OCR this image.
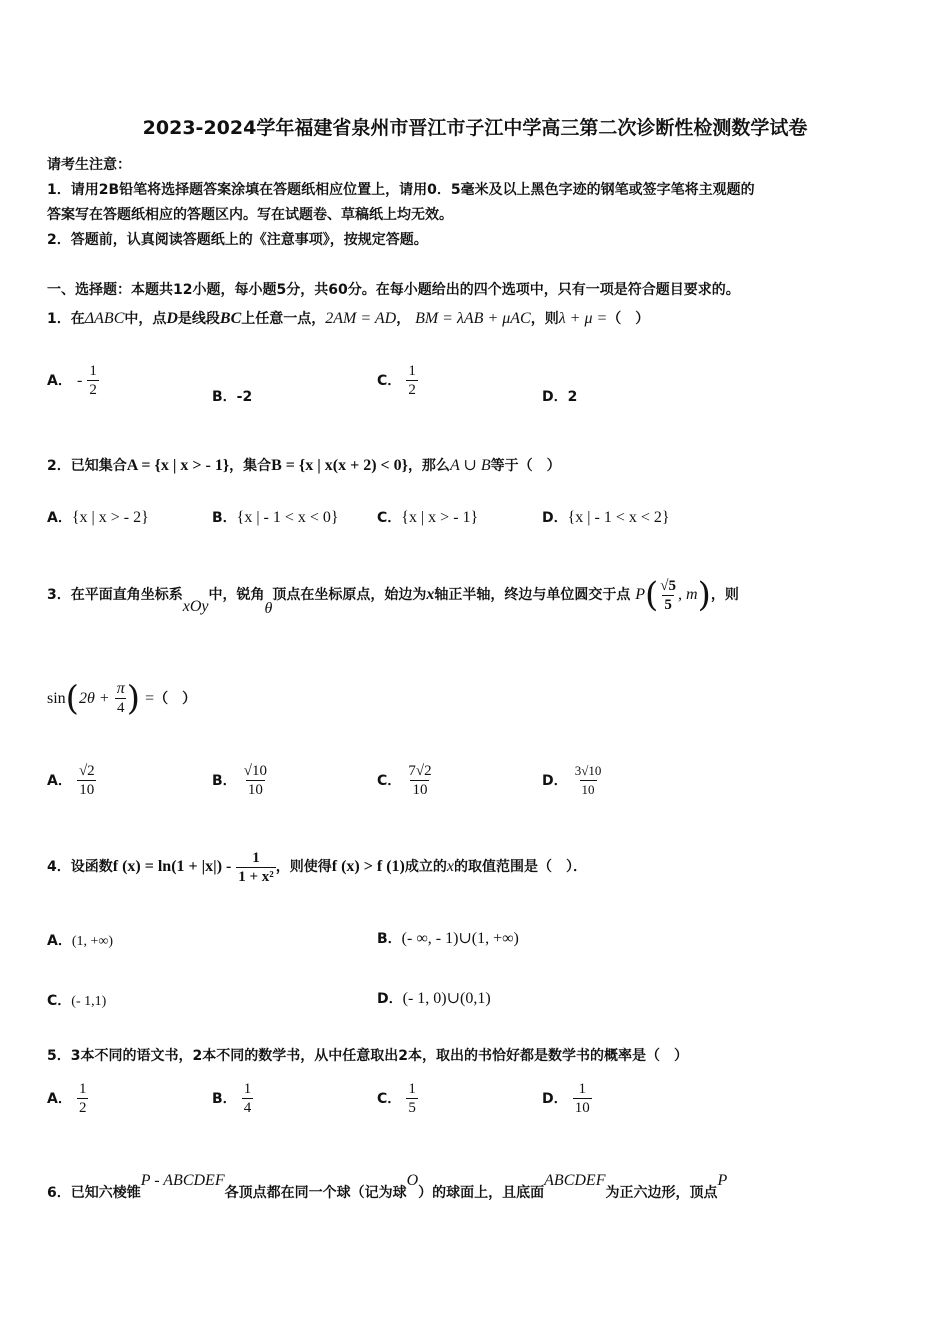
2023-2024学年福建省泉州市晋江市子江中学高三第二次诊断性检测数学试卷
请考生注意：
1．请用2B铅笔将选择题答案涂填在答题纸相应位置上，请用0．5毫米及以上黑色字迹的钢笔或签字笔将主观题的
答案写在答题纸相应的答题区内。写在试题卷、草稿纸上均无效。
2．答题前，认真阅读答题纸上的《注意事项》，按规定答题。
一、选择题：本题共12小题，每小题5分，共60分。在每小题给出的四个选项中，只有一项是符合题目要求的。
1．在ΔABC中，点D是线段BC上任意一点，2AM = AD， BM = λAB + μAC，则λ + μ =（　）
A． - $\frac{1}{2}$	B．-2
C． $\frac{1}{2}$	D．2
2．已知集合A = {x | x > - 1}，集合B = {x | x(x + 2) < 0}，那么A ∪ B等于（　）
A．{x | x > - 2}	B．{x | - 1 < x < 0}	C．{x | x > - 1}	D．{x | - 1 < x < 2}
3．在平面直角坐标系xOy中，锐角θ顶点在坐标原点，始边为x轴正半轴，终边与单位圆交于点 $P( \frac{√5}{5}$ , m)，则
$\sin(2\theta + \frac{\pi}{4}$ ) =（　）
A． $\frac{√2}{10}$	B． $\frac{√10}{10}$	C． $\frac{7√2}{10}$	D． $\frac{3√10}{10}$
4．设函数f $(x) = \ln(1 + |x|) - \frac{1}{\text{1 + x²}}$ ，则使得f (x) > f (1)成立的x的取值范围是（　）．
A．(1, +∞)	B．(- ∞, - 1)∪(1, +∞)
C．(- 1,1)	D．(- 1, 0)∪(0,1)
5．3本不同的语文书，2本不同的数学书，从中任意取出2本，取出的书恰好都是数学书的概率是（　）
A． $\frac{1}{2}$	B． $\frac{1}{4}$	C． $\frac{1}{5}$	D． $\frac{1}{10}$
6．已知六棱锥P - ABCDEF各顶点都在同一个球（记为球O）的球面上，且底面ABCDEF为正六边形，顶点P
